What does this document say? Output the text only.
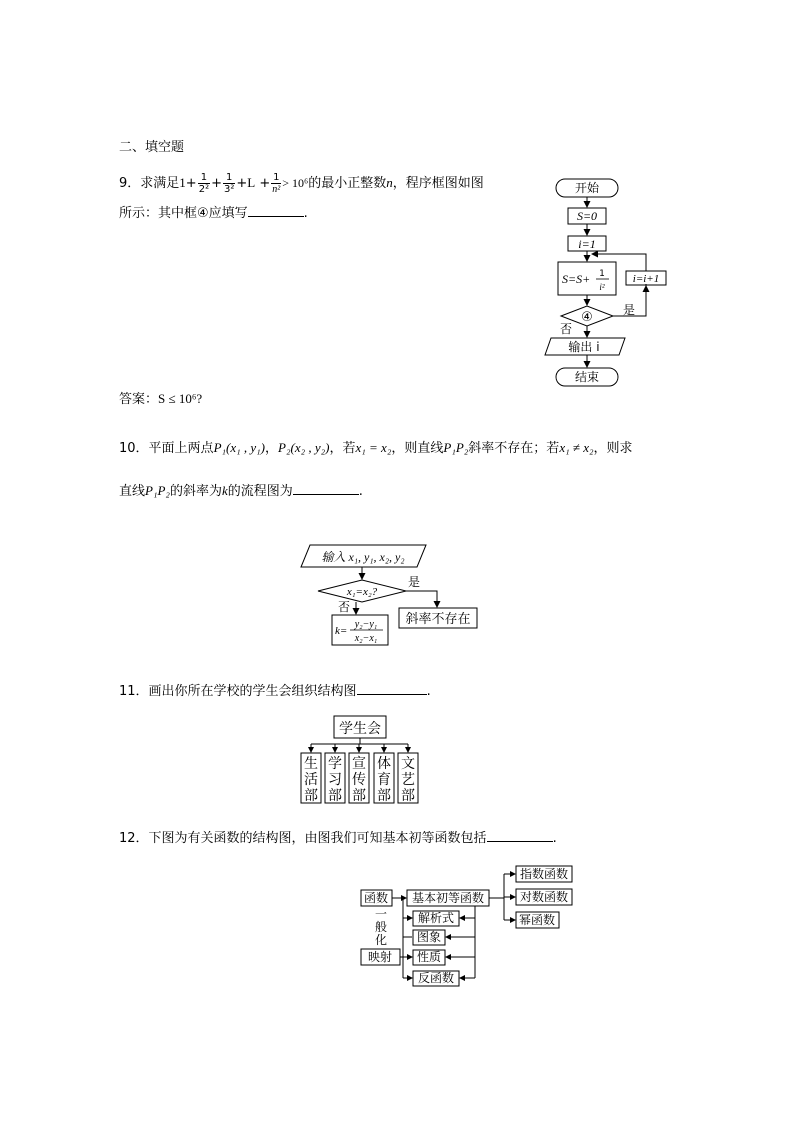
二、填空题
9．求满足$1+ \frac{1}{\text{2²}} + \frac{1}{\text{3²}} +L + \frac{1}{\text{n²}} > 10^6$的最小正整数n，程序框图如图
所示：其中框④应填写	.
答案：S ≤ 10⁶?
开始
S=0
i=1
S=S+ 1
i²
④
i=i+1
是
否
输出 i
结束
10．平面上两点P₁(x₁ , y₁)，P₂(x₂ , y₂)，若x₁ = x₂，则直线P₁P₂斜率不存在；若x₁ ≠ x₂，则求
直线P₁P₂的斜率为k的流程图为	.
输入 x₁, y₁, x₂, y₂
x₁=x₂?
是
否
k=
y₂−y₁
x₂−x₁
斜率不存在
11．画出你所在学校的学生会组织结构图	.
学生会
生活部
学习部
宣传部
体育部
文艺部
12．下图为有关函数的结构图，由图我们可知基本初等函数包括	.
函数
映射
基本初等函数
一般化
解析式
图象
性质
反函数
指数函数
对数函数
幂函数
